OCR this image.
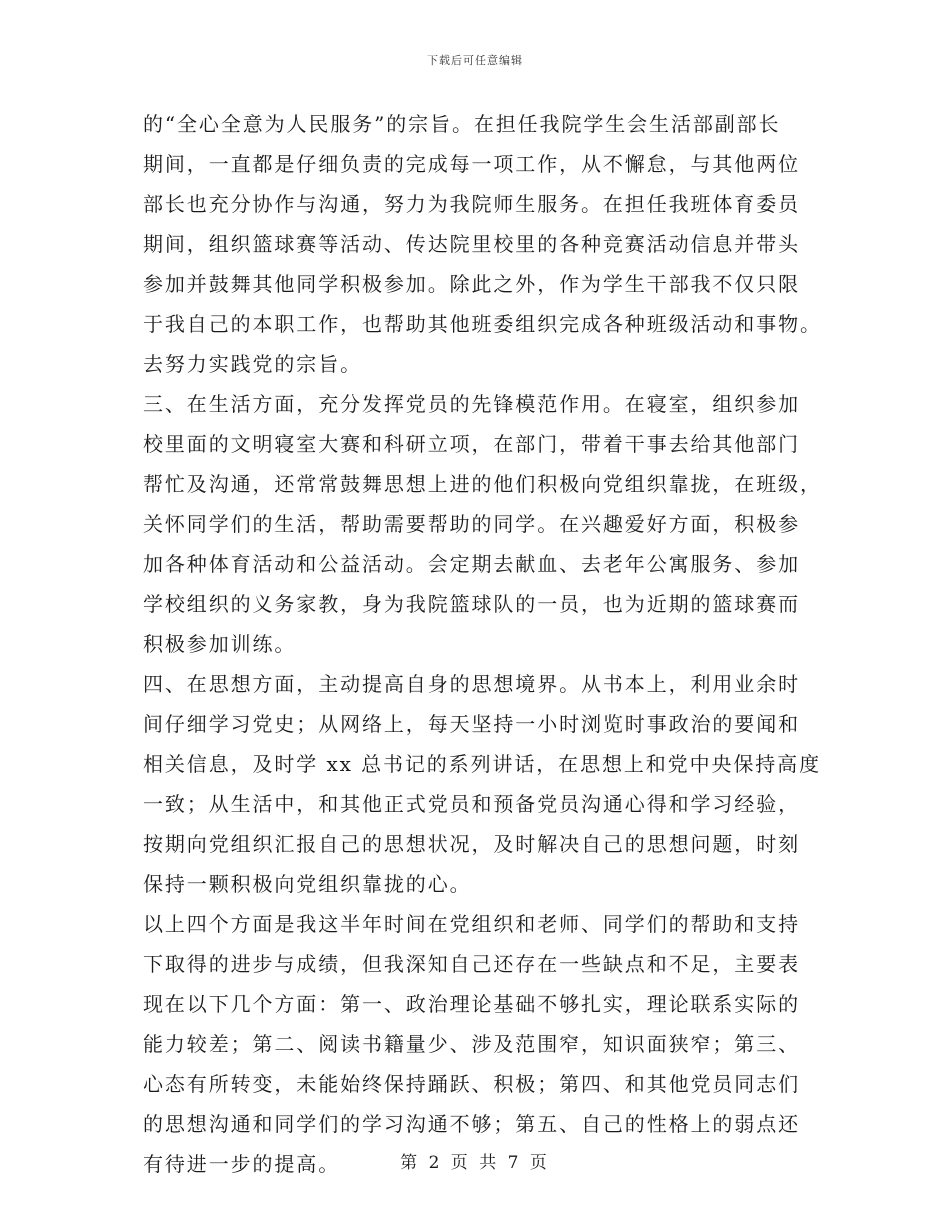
下载后可任意编辑
的“全心全意为人民服务”的宗旨。在担任我院学生会生活部副部长
期间，一直都是仔细负责的完成每一项工作，从不懈怠，与其他两位
部长也充分协作与沟通，努力为我院师生服务。在担任我班体育委员
期间，组织篮球赛等活动、传达院里校里的各种竞赛活动信息并带头
参加并鼓舞其他同学积极参加。除此之外，作为学生干部我不仅只限
于我自己的本职工作，也帮助其他班委组织完成各种班级活动和事物。
去努力实践党的宗旨。
三、在生活方面，充分发挥党员的先锋模范作用。在寝室，组织参加
校里面的文明寝室大赛和科研立项，在部门，带着干事去给其他部门
帮忙及沟通，还常常鼓舞思想上进的他们积极向党组织靠拢，在班级，
关怀同学们的生活，帮助需要帮助的同学。在兴趣爱好方面，积极参
加各种体育活动和公益活动。会定期去献血、去老年公寓服务、参加
学校组织的义务家教，身为我院篮球队的一员，也为近期的篮球赛而
积极参加训练。
四、在思想方面，主动提高自身的思想境界。从书本上，利用业余时
间仔细学习党史；从网络上，每天坚持一小时浏览时事政治的要闻和
相关信息，及时学 xx 总书记的系列讲话，在思想上和党中央保持高度
一致；从生活中，和其他正式党员和预备党员沟通心得和学习经验，
按期向党组织汇报自己的思想状况，及时解决自己的思想问题，时刻
保持一颗积极向党组织靠拢的心。
以上四个方面是我这半年时间在党组织和老师、同学们的帮助和支持
下取得的进步与成绩，但我深知自己还存在一些缺点和不足，主要表
现在以下几个方面：第一、政治理论基础不够扎实，理论联系实际的
能力较差；第二、阅读书籍量少、涉及范围窄，知识面狭窄；第三、
心态有所转变，未能始终保持踊跃、积极；第四、和其他党员同志们
的思想沟通和同学们的学习沟通不够；第五、自己的性格上的弱点还
有待进一步的提高。	第 2 页 共 7 页
